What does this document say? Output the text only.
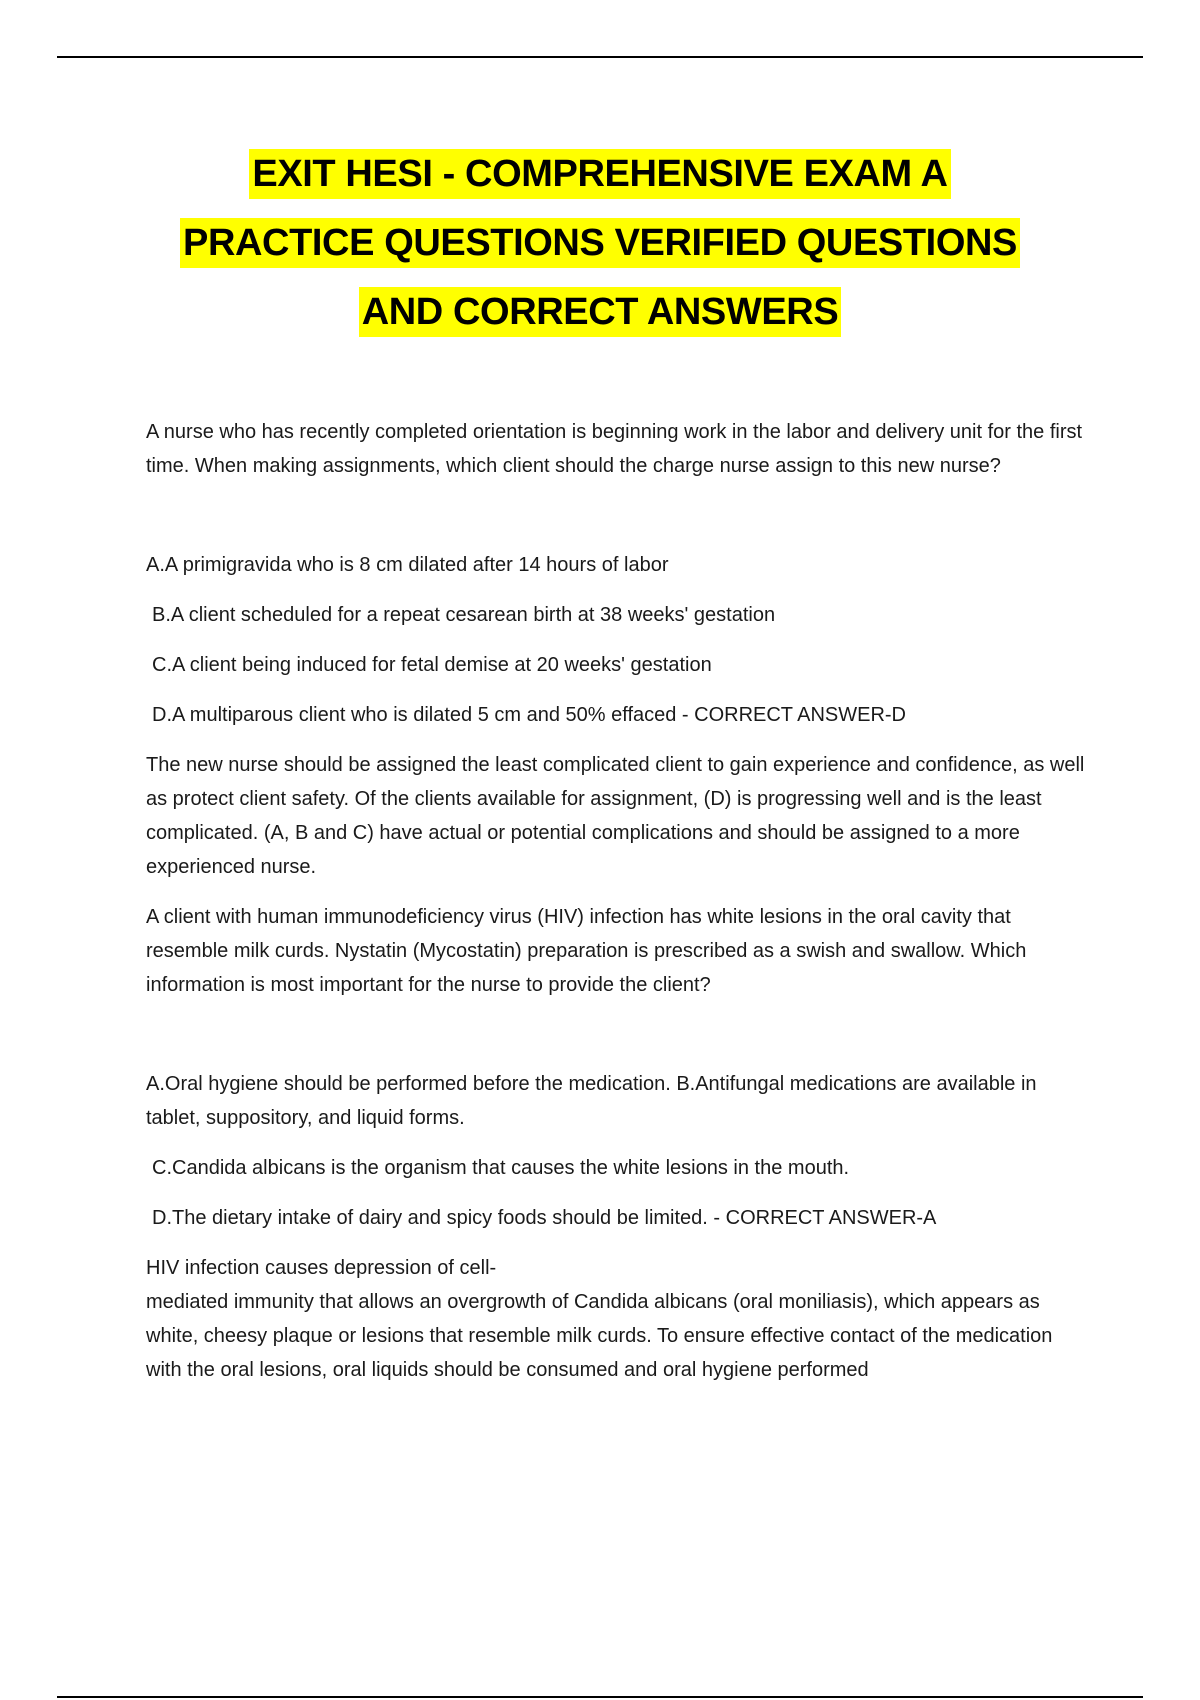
EXIT HESI - COMPREHENSIVE EXAM A
PRACTICE QUESTIONS VERIFIED QUESTIONS
AND CORRECT ANSWERS

A nurse who has recently completed orientation is beginning work in the labor and delivery unit for the first time. When making assignments, which client should the charge nurse assign to this new nurse?

A.A primigravida who is 8 cm dilated after 14 hours of labor

B.A client scheduled for a repeat cesarean birth at 38 weeks' gestation

C.A client being induced for fetal demise at 20 weeks' gestation

D.A multiparous client who is dilated 5 cm and 50% effaced - CORRECT ANSWER-D

The new nurse should be assigned the least complicated client to gain experience and confidence, as well as protect client safety. Of the clients available for assignment, (D) is progressing well and is the least complicated. (A, B and C) have actual or potential complications and should be assigned to a more experienced nurse.

A client with human immunodeficiency virus (HIV) infection has white lesions in the oral cavity that resemble milk curds. Nystatin (Mycostatin) preparation is prescribed as a swish and swallow. Which information is most important for the nurse to provide the client?

A.Oral hygiene should be performed before the medication. B.Antifungal medications are available in tablet, suppository, and liquid forms.

C.Candida albicans is the organism that causes the white lesions in the mouth.

D.The dietary intake of dairy and spicy foods should be limited. - CORRECT ANSWER-A

HIV infection causes depression of cell-

mediated immunity that allows an overgrowth of Candida albicans (oral moniliasis), which appears as white, cheesy plaque or lesions that resemble milk curds. To ensure effective contact of the medication with the oral lesions, oral liquids should be consumed and oral hygiene performed
